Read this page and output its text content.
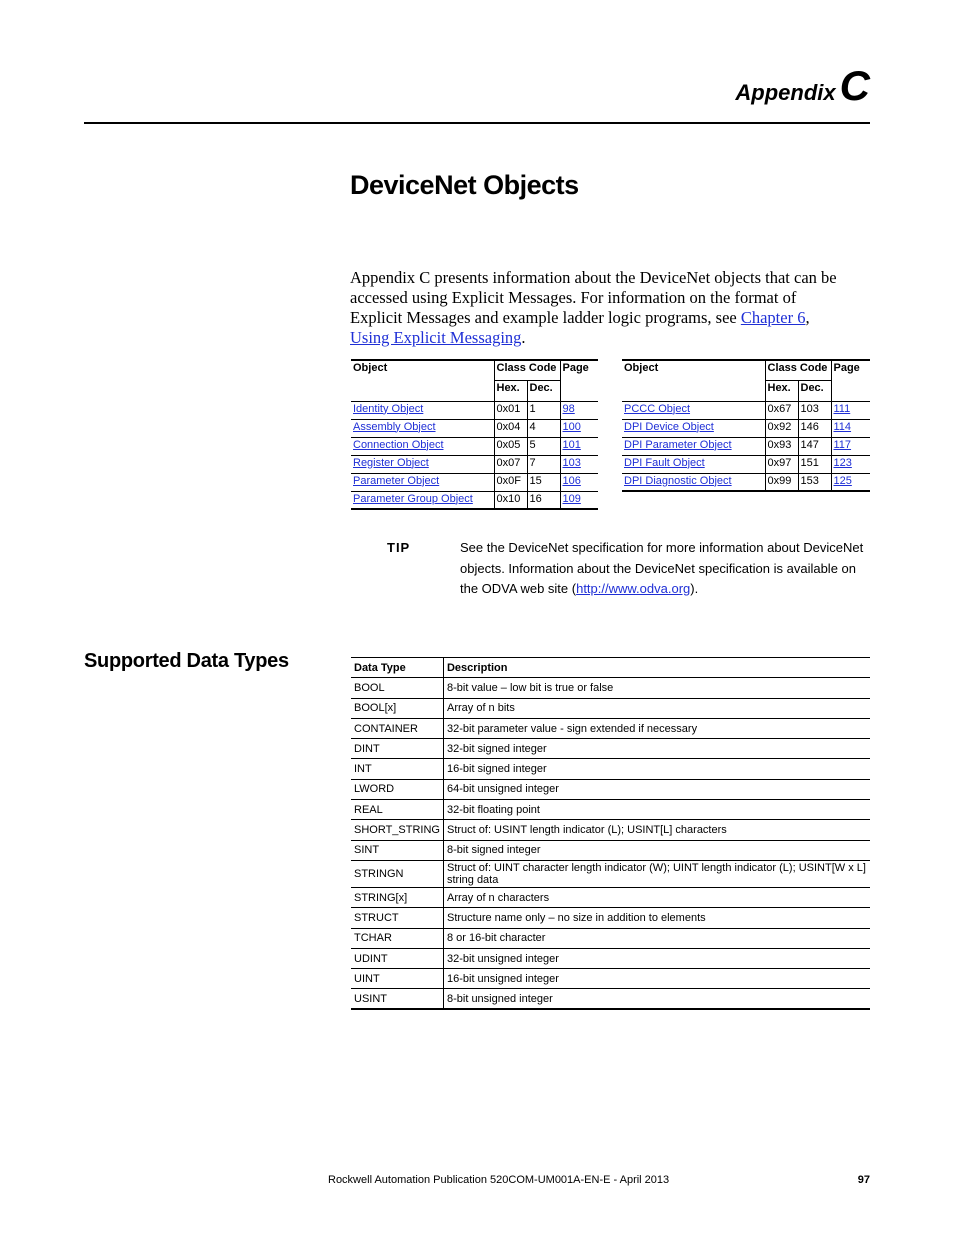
AppendixC
DeviceNet Objects

Appendix C presents information about the DeviceNet objects that can be accessed using Explicit Messages. For information on the format of Explicit Messages and example ladder logic programs, see Chapter 6, Using Explicit Messaging.

Object	Class Code		Page
	Hex.	Dec.	
Identity Object	0x01	1	98
Assembly Object	0x04	4	100
Connection Object	0x05	5	101
Register Object	0x07	7	103
Parameter Object	0x0F	15	106
Parameter Group Object	0x10	16	109
Object	Class Code		Page
	Hex.	Dec.	
PCCC Object	0x67	103	111
DPI Device Object	0x92	146	114
DPI Parameter Object	0x93	147	117
DPI Fault Object	0x97	151	123
DPI Diagnostic Object	0x99	153	125
TIP	See the DeviceNet specification for more information about DeviceNet objects. Information about the DeviceNet specification is available on the ODVA web site (http://www.odva.org).

Supported Data Types	Data Type	Description
BOOL	8-bit value – low bit is true or false
BOOL[x]	Array of n bits
CONTAINER	32-bit parameter value - sign extended if necessary
DINT	32-bit signed integer
INT	16-bit signed integer
LWORD	64-bit unsigned integer
REAL	32-bit floating point
SHORT_STRING	Struct of: USINT length indicator (L); USINT[L] characters
SINT	8-bit signed integer
STRINGN	Struct of: UINT character length indicator (W); UINT length indicator (L); USINT[W x L] string data
STRING[x]	Array of n characters
STRUCT	Structure name only – no size in addition to elements
TCHAR	8 or 16-bit character
UDINT	32-bit unsigned integer
UINT	16-bit unsigned integer
USINT	8-bit unsigned integer
Rockwell Automation Publication 520COM-UM001A-EN-E - April 2013	97
